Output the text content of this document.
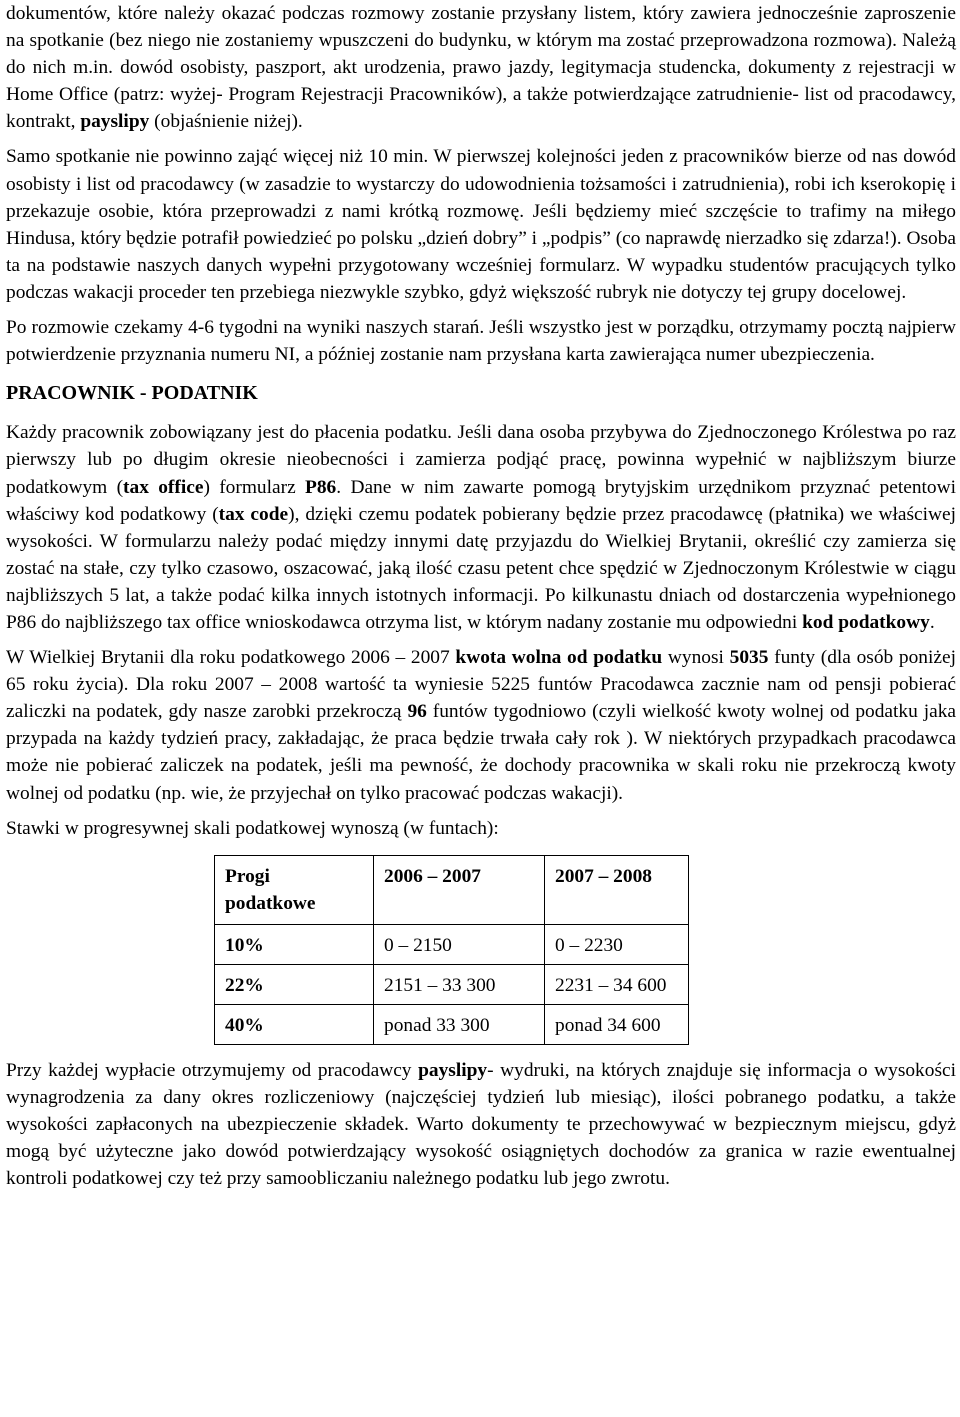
dokumentów, które należy okazać podczas rozmowy zostanie przysłany listem, który zawiera jednocześnie zaproszenie na spotkanie (bez niego nie zostaniemy wpuszczeni do budynku, w którym ma zostać przeprowadzona rozmowa). Należą do nich m.in. dowód osobisty, paszport, akt urodzenia, prawo jazdy, legitymacja studencka, dokumenty z rejestracji w Home Office (patrz: wyżej- Program Rejestracji Pracowników), a także potwierdzające zatrudnienie- list od pracodawcy, kontrakt, payslipy (objaśnienie niżej).

Samo spotkanie nie powinno zająć więcej niż 10 min. W pierwszej kolejności jeden z pracowników bierze od nas dowód osobisty i list od pracodawcy (w zasadzie to wystarczy do udowodnienia tożsamości i zatrudnienia), robi ich kserokopię i przekazuje osobie, która przeprowadzi z nami krótką rozmowę. Jeśli będziemy mieć szczęście to trafimy na miłego Hindusa, który będzie potrafił powiedzieć po polsku „dzień dobry” i „podpis” (co naprawdę nierzadko się zdarza!). Osoba ta na podstawie naszych danych wypełni przygotowany wcześniej formularz. W wypadku studentów pracujących tylko podczas wakacji proceder ten przebiega niezwykle szybko, gdyż większość rubryk nie dotyczy tej grupy docelowej.

Po rozmowie czekamy 4-6 tygodni na wyniki naszych starań. Jeśli wszystko jest w porządku, otrzymamy pocztą najpierw potwierdzenie przyznania numeru NI, a później zostanie nam przysłana karta zawierająca numer ubezpieczenia.

PRACOWNIK - PODATNIK

Każdy pracownik zobowiązany jest do płacenia podatku. Jeśli dana osoba przybywa do Zjednoczonego Królestwa po raz pierwszy lub po długim okresie nieobecności i zamierza podjąć pracę, powinna wypełnić w najbliższym biurze podatkowym (tax office) formularz P86. Dane w nim zawarte pomogą brytyjskim urzędnikom przyznać petentowi właściwy kod podatkowy (tax code), dzięki czemu podatek pobierany będzie przez pracodawcę (płatnika) we właściwej wysokości. W formularzu należy podać między innymi datę przyjazdu do Wielkiej Brytanii, określić czy zamierza się zostać na stałe, czy tylko czasowo, oszacować, jaką ilość czasu petent chce spędzić w Zjednoczonym Królestwie w ciągu najbliższych 5 lat, a także podać kilka innych istotnych informacji. Po kilkunastu dniach od dostarczenia wypełnionego P86 do najbliższego tax office wnioskodawca otrzyma list, w którym nadany zostanie mu odpowiedni kod podatkowy.

W Wielkiej Brytanii dla roku podatkowego 2006 – 2007 kwota wolna od podatku wynosi 5035 funty (dla osób poniżej 65 roku życia). Dla roku 2007 – 2008 wartość ta wyniesie 5225 funtów Pracodawca zacznie nam od pensji pobierać zaliczki na podatek, gdy nasze zarobki przekroczą 96 funtów tygodniowo (czyli wielkość kwoty wolnej od podatku jaka przypada na każdy tydzień pracy, zakładając, że praca będzie trwała cały rok ). W niektórych przypadkach pracodawca może nie pobierać zaliczek na podatek, jeśli ma pewność, że dochody pracownika w skali roku nie przekroczą kwoty wolnej od podatku (np. wie, że przyjechał on tylko pracować podczas wakacji).

Stawki w progresywnej skali podatkowej wynoszą (w funtach):

Progi podatkowe	2006 – 2007	2007 – 2008
10%	0 – 2150	0 – 2230
22%	2151 – 33 300	2231 – 34 600
40%	ponad 33 300	ponad 34 600

Przy każdej wypłacie otrzymujemy od pracodawcy payslipy- wydruki, na których znajduje się informacja o wysokości wynagrodzenia za dany okres rozliczeniowy (najczęściej tydzień lub miesiąc), ilości pobranego podatku, a także wysokości zapłaconych na ubezpieczenie składek. Warto dokumenty te przechowywać w bezpiecznym miejscu, gdyż mogą być użyteczne jako dowód potwierdzający wysokość osiągniętych dochodów za granica w razie ewentualnej kontroli podatkowej czy też przy samoobliczaniu należnego podatku lub jego zwrotu.
